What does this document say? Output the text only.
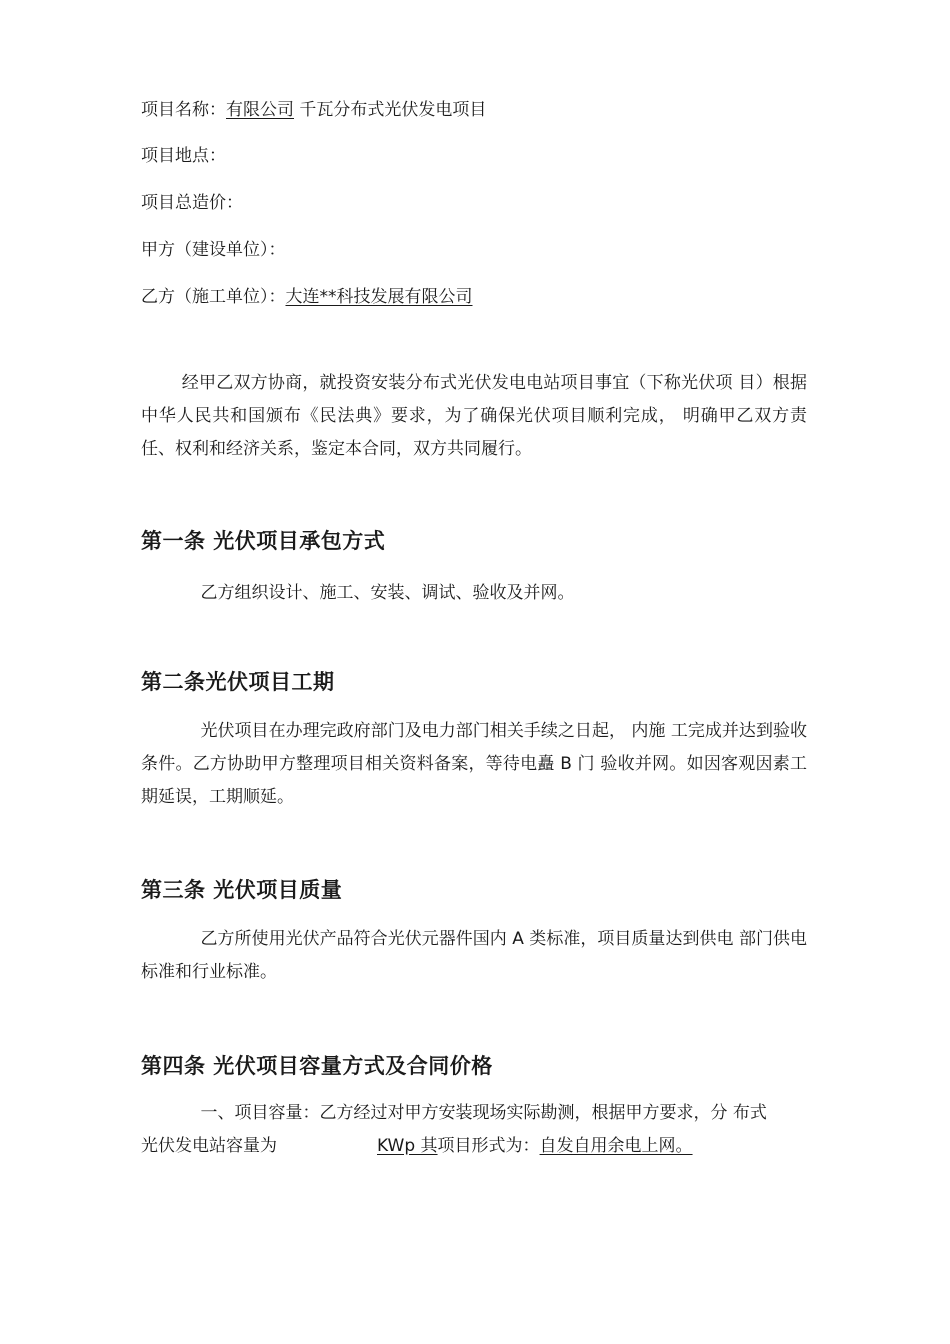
项目名称：有限公司 千瓦分布式光伏发电项目
项目地点：
项目总造价：
甲方（建设单位）：
乙方（施工单位）：大连**科技发展有限公司
经甲乙双方协商，就投资安装分布式光伏发电电站项目事宜（下称光伏项 目）根据中华人民共和国颁布《民法典》要求，为了确保光伏项目顺利完成， 明确甲乙双方责任、权利和经济关系，鉴定本合同，双方共同履行。
第一条 光伏项目承包方式
乙方组织设计、施工、安装、调试、验收及并网。
第二条光伏项目工期
光伏项目在办理完政府部门及电力部门相关手续之日起， 内施 工完成并达到验收条件。乙方协助甲方整理项目相关资料备案，等待电矗 B 门 验收并网。如因客观因素工期延误，工期顺延。
第三条 光伏项目质量
乙方所使用光伏产品符合光伏元器件国内 A 类标准，项目质量达到供电 部门供电标准和行业标准。
第四条 光伏项目容量方式及合同价格
一、项目容量：乙方经过对甲方安装现场实际勘测，根据甲方要求，分 布式
光伏发电站容量为	KWp 其项目形式为：自发自用余电上网。
